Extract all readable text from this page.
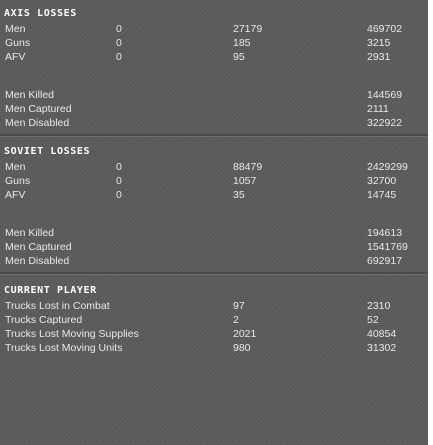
AXIS LOSSES
Men	0	27179	469702
Guns	0	185	3215
AFV	0	95	2931
Men Killed	144569
Men Captured	2111
Men Disabled	322922
SOVIET LOSSES
Men	0	88479	2429299
Guns	0	1057	32700
AFV	0	35	14745
Men Killed	194613
Men Captured	1541769
Men Disabled	692917
CURRENT PLAYER
Trucks Lost in Combat	97	2310
Trucks Captured	2	52
Trucks Lost Moving Supplies	2021	40854
Trucks Lost Moving Units	980	31302
